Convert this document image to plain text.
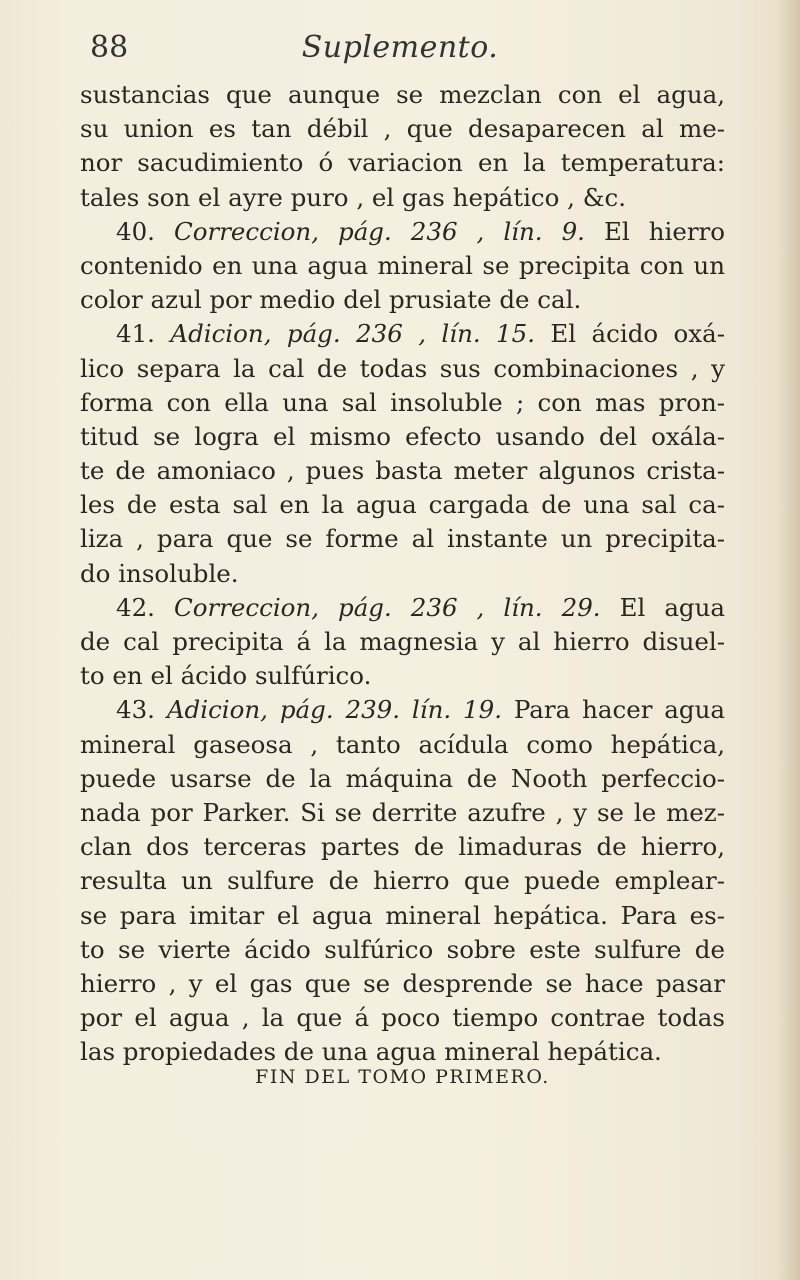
88	Suplemento.
sustancias que aunque se mezclan con el agua,
su union es tan débil , que desaparecen al me-
nor sacudimiento ó variacion en la temperatura:
tales son el ayre puro , el gas hepático , &c.
40. Correccion, pág. 236 , lín. 9. El hierro
contenido en una agua mineral se precipita con un
color azul por medio del prusiate de cal.
41. Adicion, pág. 236 , lín. 15. El ácido oxá-
lico separa la cal de todas sus combinaciones , y
forma con ella una sal insoluble ; con mas pron-
titud se logra el mismo efecto usando del oxála-
te de amoniaco , pues basta meter algunos crista-
les de esta sal en la agua cargada de una sal ca-
liza , para que se forme al instante un precipita-
do insoluble.
42. Correccion, pág. 236 , lín. 29. El agua
de cal precipita á la magnesia y al hierro disuel-
to en el ácido sulfúrico.
43. Adicion, pág. 239. lín. 19. Para hacer agua
mineral gaseosa , tanto acídula como hepática,
puede usarse de la máquina de Nooth perfeccio-
nada por Parker. Si se derrite azufre , y se le mez-
clan dos terceras partes de limaduras de hierro,
resulta un sulfure de hierro que puede emplear-
se para imitar el agua mineral hepática. Para es-
to se vierte ácido sulfúrico sobre este sulfure de
hierro , y el gas que se desprende se hace pasar
por el agua , la que á poco tiempo contrae todas
las propiedades de una agua mineral hepática.
FIN DEL TOMO PRIMERO.
